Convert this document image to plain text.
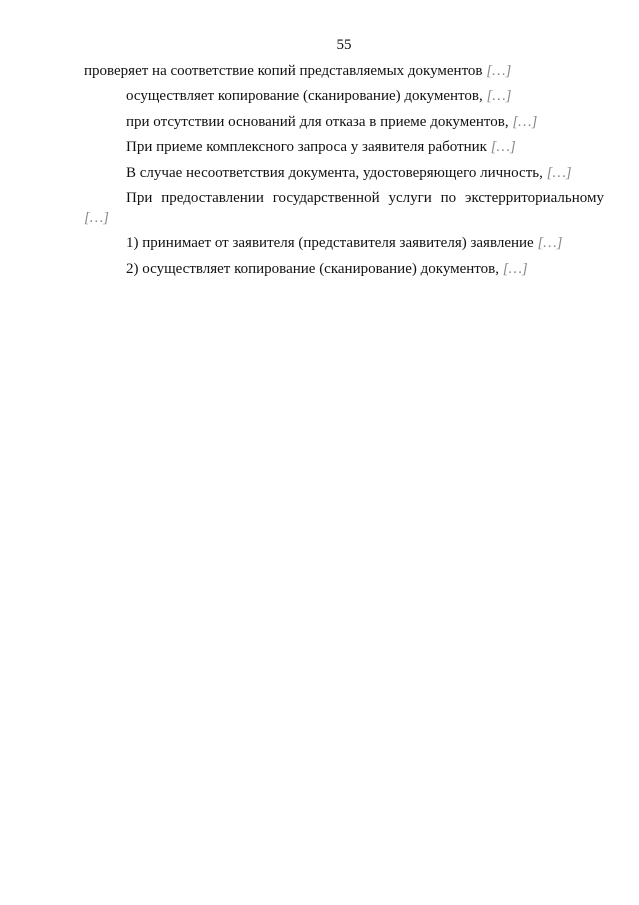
55

проверяет на соответствие копий представляемых документов […]

осуществляет копирование (сканирование) документов, […]

при отсутствии оснований для отказа в приеме документов, […]

При приеме комплексного запроса у заявителя работник […]

В случае несоответствия документа, удостоверяющего личность, […]

При предоставлении государственной услуги по экстерриториальному […]

1) принимает от заявителя (представителя заявителя) заявление […]

2) осуществляет копирование (сканирование) документов, […]
